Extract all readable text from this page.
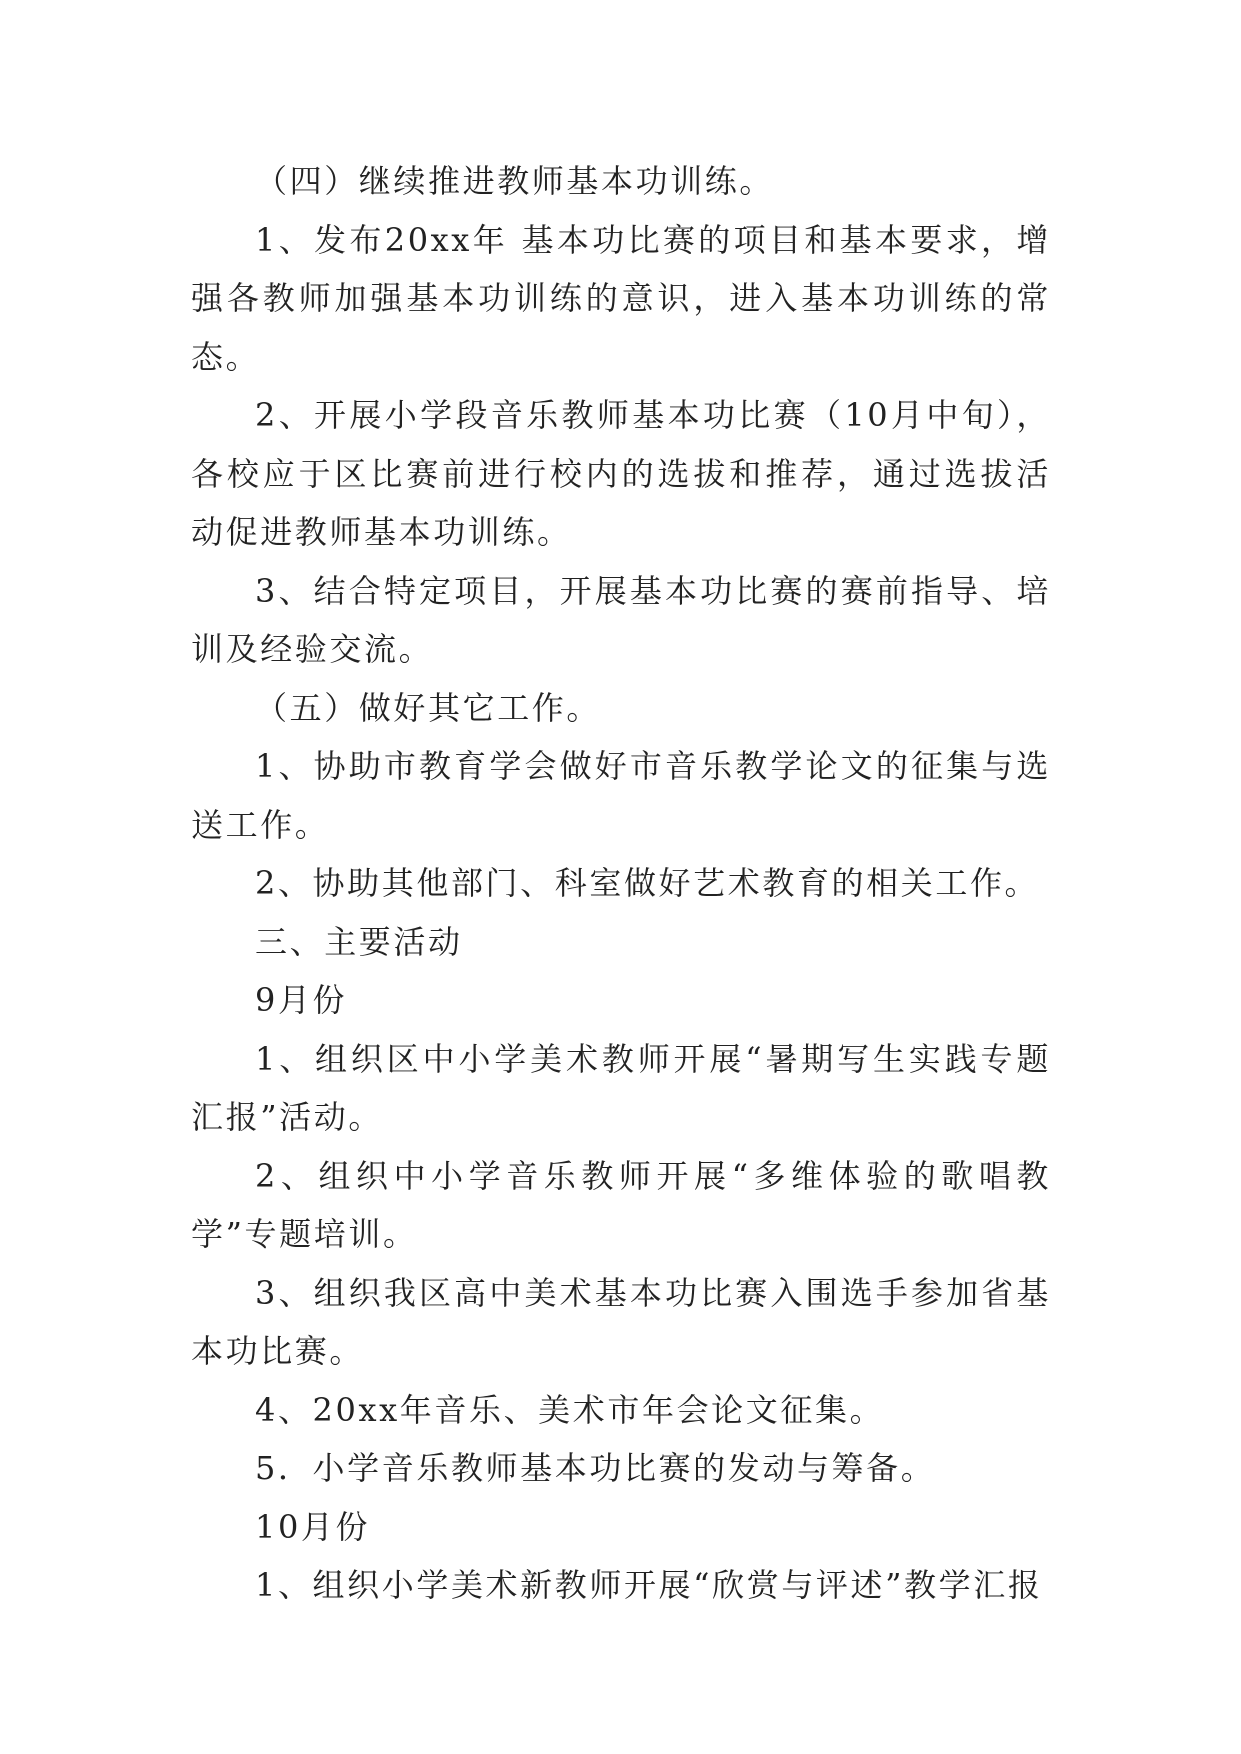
（四）继续推进教师基本功训练。

1、发布20xx年 基本功比赛的项目和基本要求，增强各教师加强基本功训练的意识，进入基本功训练的常态。

2、开展小学段音乐教师基本功比赛（10月中旬），各校应于区比赛前进行校内的选拔和推荐，通过选拔活动促进教师基本功训练。

3、结合特定项目，开展基本功比赛的赛前指导、培训及经验交流。

（五）做好其它工作。

1、协助市教育学会做好市音乐教学论文的征集与选送工作。

2、协助其他部门、科室做好艺术教育的相关工作。

三、主要活动

9月份

1、组织区中小学美术教师开展“暑期写生实践专题汇报”活动。

2、组织中小学音乐教师开展“多维体验的歌唱教学”专题培训。

3、组织我区高中美术基本功比赛入围选手参加省基本功比赛。

4、20xx年音乐、美术市年会论文征集。

5．小学音乐教师基本功比赛的发动与筹备。

10月份

1、组织小学美术新教师开展“欣赏与评述”教学汇报
